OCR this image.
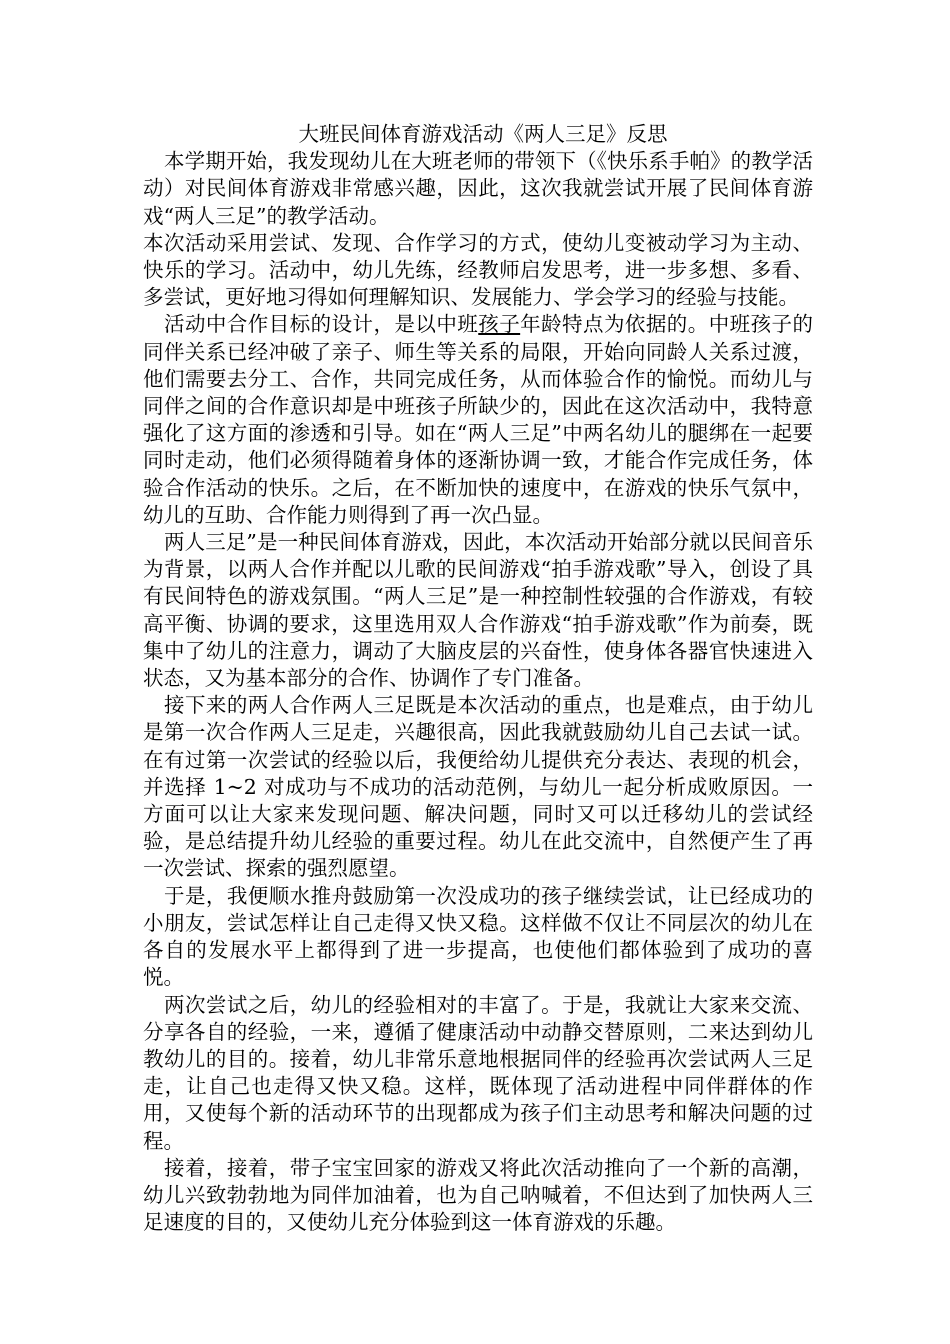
大班民间体育游戏活动《两人三足》反思

本学期开始，我发现幼儿在大班老师的带领下（《快乐系手帕》的教学活动）对民间体育游戏非常感兴趣，因此，这次我就尝试开展了民间体育游戏“两人三足”的教学活动。

本次活动采用尝试、发现、合作学习的方式，使幼儿变被动学习为主动、快乐的学习。活动中，幼儿先练，经教师启发思考，进一步多想、多看、多尝试，更好地习得如何理解知识、发展能力、学会学习的经验与技能。

活动中合作目标的设计，是以中班孩子年龄特点为依据的。中班孩子的同伴关系已经冲破了亲子、师生等关系的局限，开始向同龄人关系过渡，他们需要去分工、合作，共同完成任务，从而体验合作的愉悦。而幼儿与同伴之间的合作意识却是中班孩子所缺少的，因此在这次活动中，我特意强化了这方面的渗透和引导。如在“两人三足”中两名幼儿的腿绑在一起要同时走动，他们必须得随着身体的逐渐协调一致，才能合作完成任务，体验合作活动的快乐。之后，在不断加快的速度中，在游戏的快乐气氛中，幼儿的互助、合作能力则得到了再一次凸显。

两人三足”是一种民间体育游戏，因此，本次活动开始部分就以民间音乐为背景，以两人合作并配以儿歌的民间游戏“拍手游戏歌”导入，创设了具有民间特色的游戏氛围。“两人三足”是一种控制性较强的合作游戏，有较高平衡、协调的要求，这里选用双人合作游戏“拍手游戏歌”作为前奏，既集中了幼儿的注意力，调动了大脑皮层的兴奋性，使身体各器官快速进入状态，又为基本部分的合作、协调作了专门准备。

接下来的两人合作两人三足既是本次活动的重点，也是难点，由于幼儿是第一次合作两人三足走，兴趣很高，因此我就鼓励幼儿自己去试一试。在有过第一次尝试的经验以后，我便给幼儿提供充分表达、表现的机会，并选择 1~2 对成功与不成功的活动范例，与幼儿一起分析成败原因。一方面可以让大家来发现问题、解决问题，同时又可以迁移幼儿的尝试经验，是总结提升幼儿经验的重要过程。幼儿在此交流中，自然便产生了再一次尝试、探索的强烈愿望。

于是，我便顺水推舟鼓励第一次没成功的孩子继续尝试，让已经成功的小朋友，尝试怎样让自己走得又快又稳。这样做不仅让不同层次的幼儿在各自的发展水平上都得到了进一步提高，也使他们都体验到了成功的喜悦。

两次尝试之后，幼儿的经验相对的丰富了。于是，我就让大家来交流、分享各自的经验，一来，遵循了健康活动中动静交替原则，二来达到幼儿教幼儿的目的。接着，幼儿非常乐意地根据同伴的经验再次尝试两人三足走，让自己也走得又快又稳。这样，既体现了活动进程中同伴群体的作用，又使每个新的活动环节的出现都成为孩子们主动思考和解决问题的过程。

接着，接着，带子宝宝回家的游戏又将此次活动推向了一个新的高潮，幼儿兴致勃勃地为同伴加油着，也为自己呐喊着，不但达到了加快两人三足速度的目的，又使幼儿充分体验到这一体育游戏的乐趣。
